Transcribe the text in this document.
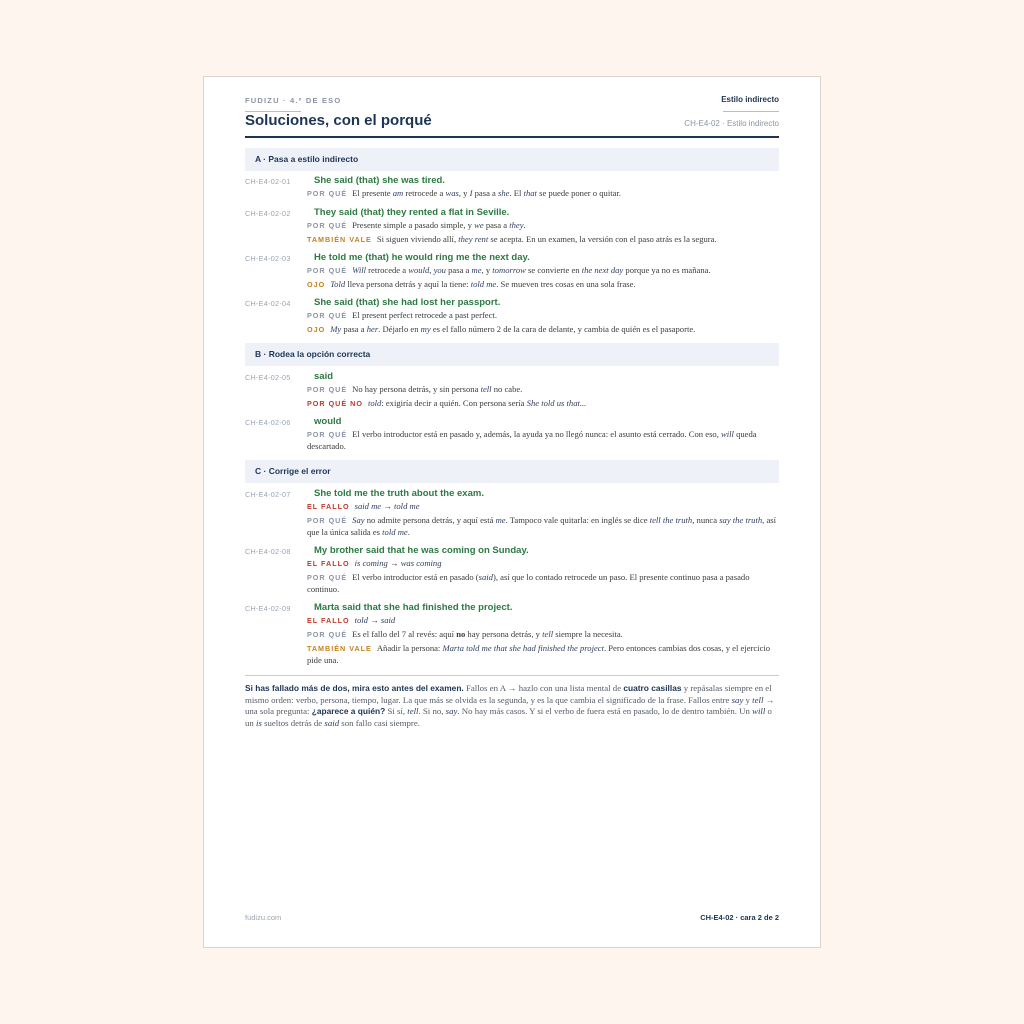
FUDIZU · 4.º DE ESO	Estilo indirecto
Soluciones, con el porqué	CH-E4-02 · Estilo indirecto
A · Pasa a estilo indirecto
B · Rodea la opción correcta
C · Corrige el error
CH-E4-02-01 She said (that) she was tired.
POR QUÉ El presente am retrocede a was, y I pasa a she. El that se puede poner o quitar.
CH-E4-02-02 They said (that) they rented a flat in Seville.
POR QUÉ Presente simple a pasado simple, y we pasa a they.
TAMBIÉN VALE Si siguen viviendo allí, they rent se acepta. En un examen, la versión con el paso atrás es la segura.
CH-E4-02-03 He told me (that) he would ring me the next day.
POR QUÉ Will retrocede a would, you pasa a me, y tomorrow se convierte en the next day porque ya no es mañana.
OJO Told lleva persona detrás y aquí la tiene: told me. Se mueven tres cosas en una sola frase.
CH-E4-02-04 She said (that) she had lost her passport.
POR QUÉ El present perfect retrocede a past perfect.
OJO My pasa a her. Déjarlo en my es el fallo número 2 de la cara de delante, y cambia de quién es el pasaporte.
CH-E4-02-05 said
POR QUÉ No hay persona detrás, y sin persona tell no cabe.
POR QUÉ NO told: exigiría decir a quién. Con persona sería She told us that...
CH-E4-02-06 would
POR QUÉ El verbo introductor está en pasado y, además, la ayuda ya no llegó nunca: el asunto está cerrado. Con eso, will queda descartado.
CH-E4-02-07 She told me the truth about the exam.
EL FALLO said me → told me
POR QUÉ Say no admite persona detrás, y aquí está me. Tampoco vale quitarla: en inglés se dice tell the truth, nunca say the truth, así que la única salida es told me.
CH-E4-02-08 My brother said that he was coming on Sunday.
EL FALLO is coming → was coming
POR QUÉ El verbo introductor está en pasado (said), así que lo contado retrocede un paso. El presente continuo pasa a pasado continuo.
CH-E4-02-09 Marta said that she had finished the project.
EL FALLO told → said
POR QUÉ Es el fallo del 7 al revés: aquí no hay persona detrás, y tell siempre la necesita.
TAMBIÉN VALE Añadir la persona: Marta told me that she had finished the project. Pero entonces cambias dos cosas, y el ejercicio pide una.
Si has fallado más de dos, mira esto antes del examen. Fallos en A → hazlo con una lista mental de cuatro casillas y repásalas siempre en el mismo orden: verbo, persona, tiempo, lugar. La que más se olvida es la segunda, y es la que cambia el significado de la frase. Fallos entre say y tell → una sola pregunta: ¿aparece a quién? Si sí, tell. Si no, say. No hay más casos. Y si el verbo de fuera está en pasado, lo de dentro también. Un will o un is sueltos detrás de said son fallo casi siempre.
fudizu.com	CH-E4-02 · cara 2 de 2
